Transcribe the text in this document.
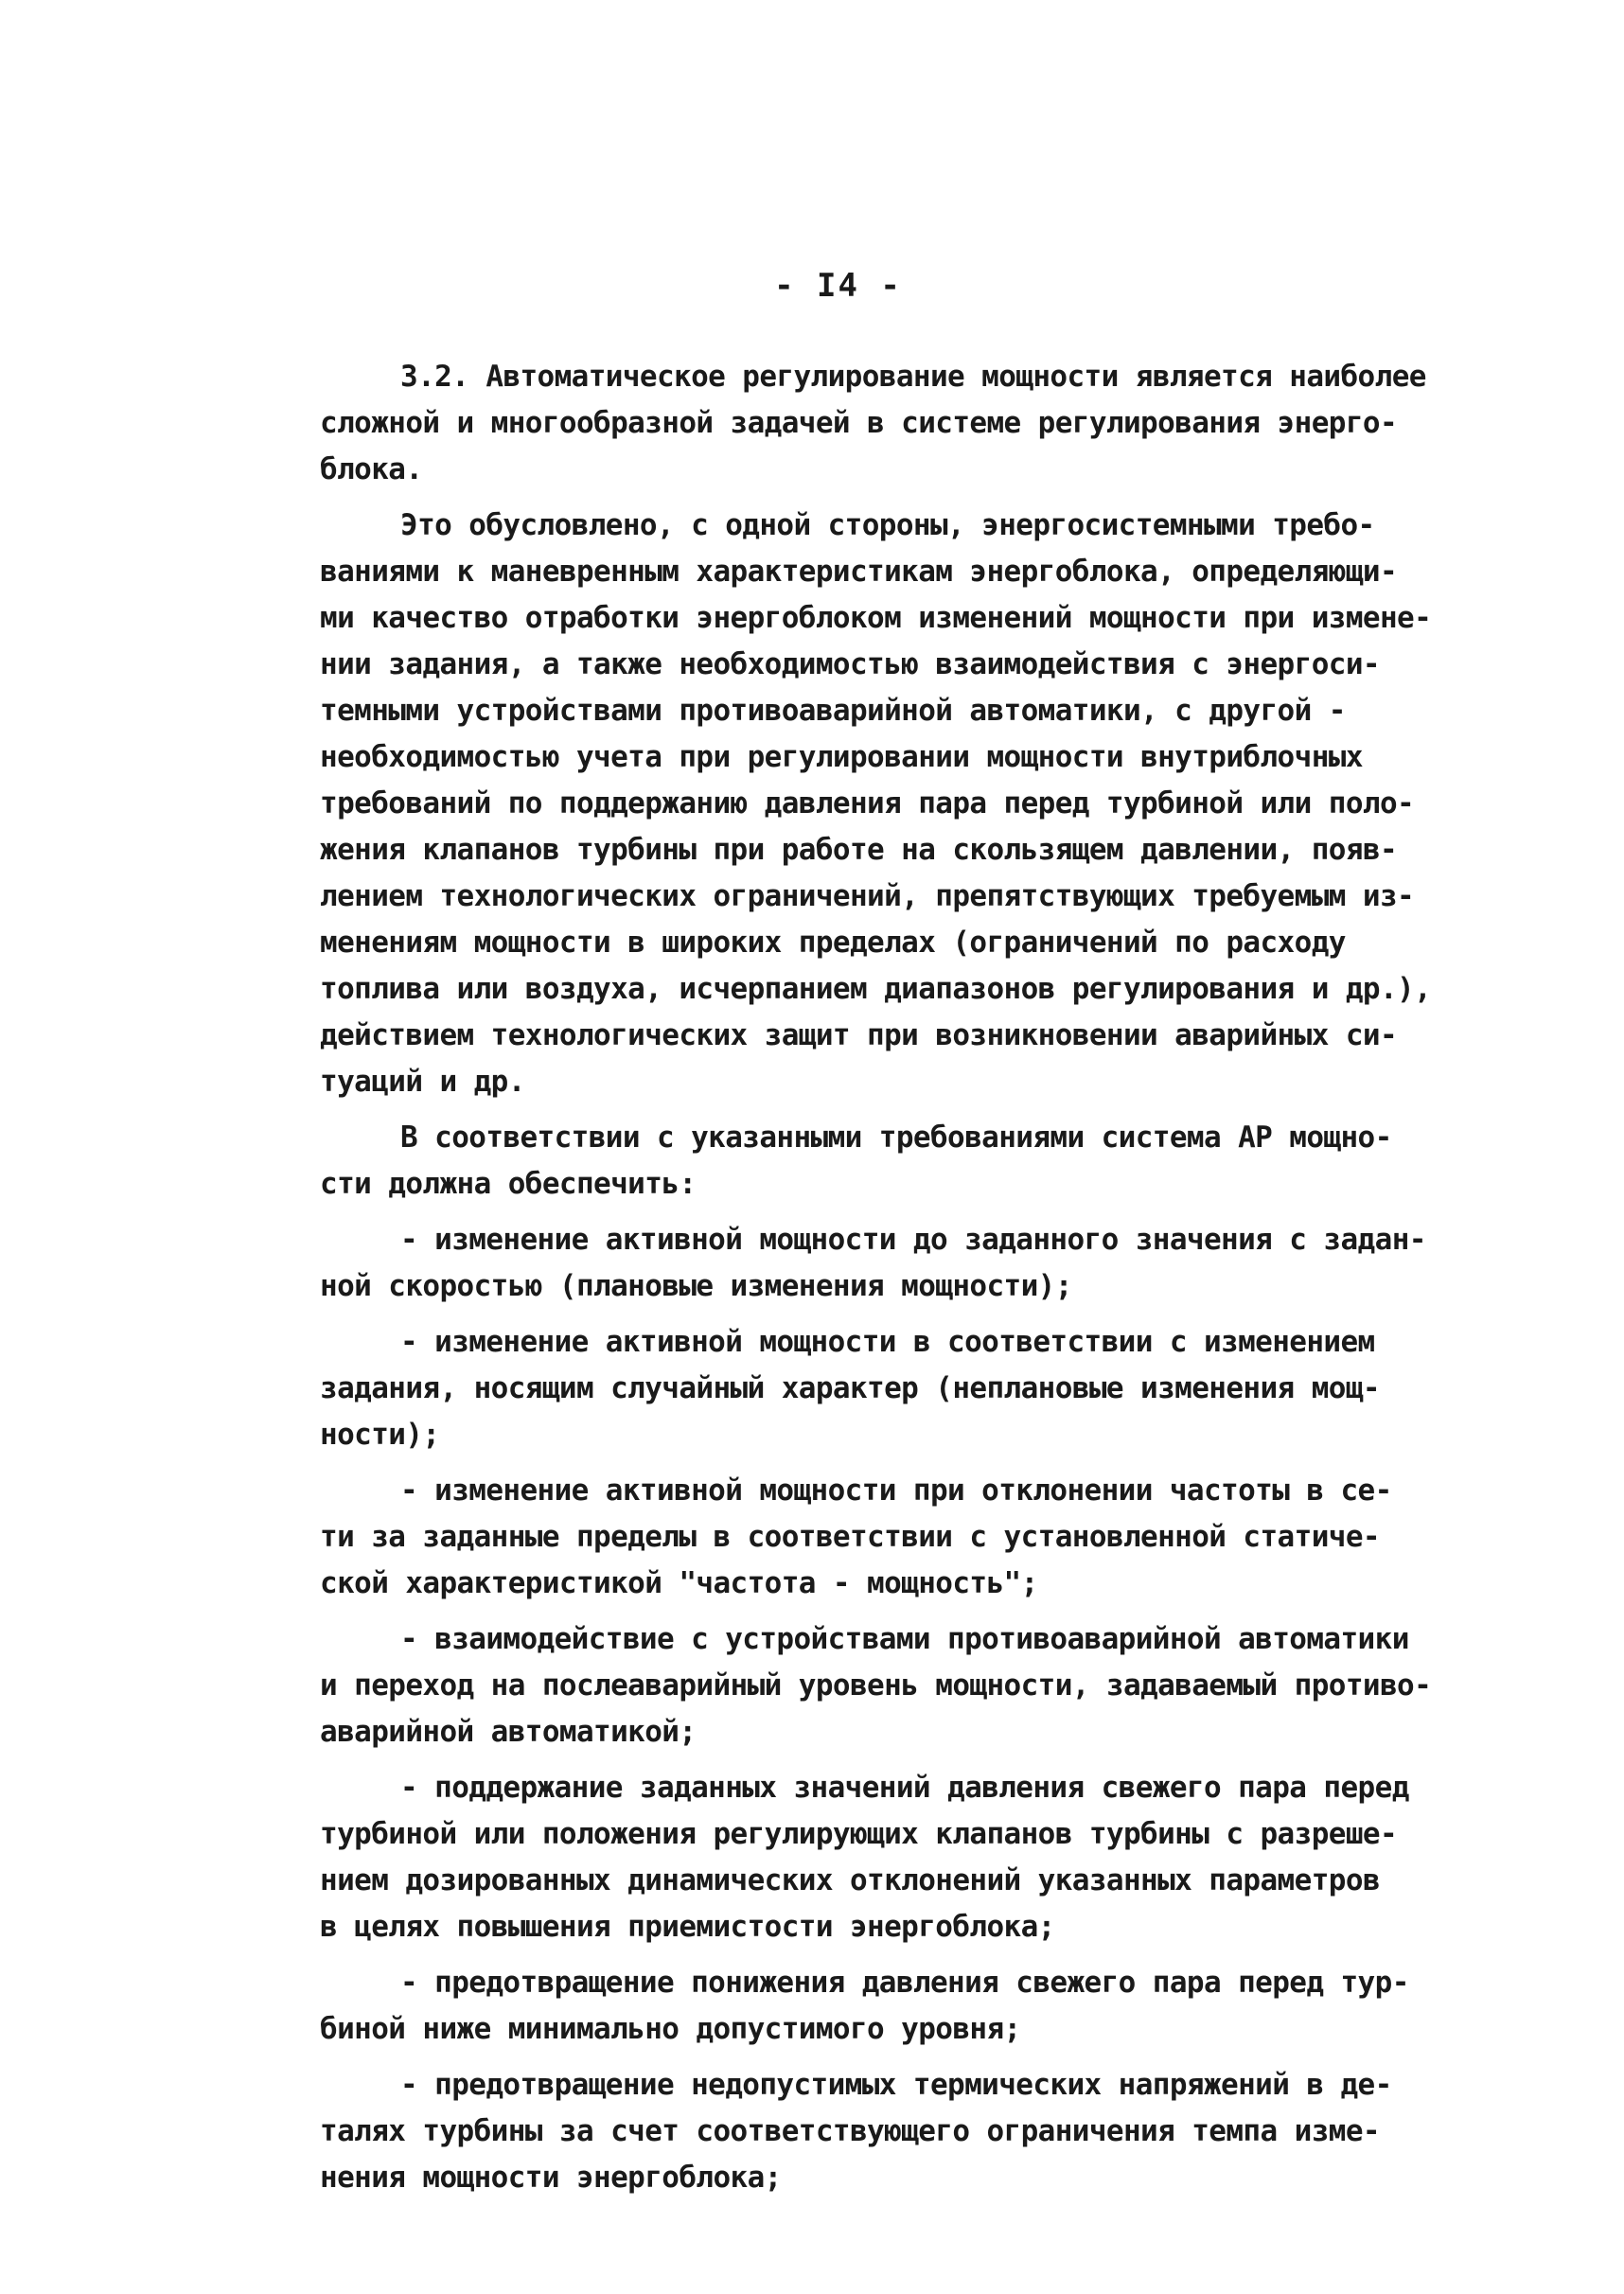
- I4 -
3.2. Автоматическое регулирование мощности является наиболее
сложной и многообразной задачей в системе регулирования энерго-
блока.
Это обусловлено, с одной стороны, энергосистемными требо-
ваниями к маневренным характеристикам энергоблока, определяющи-
ми качество отработки энергоблоком изменений мощности при измене-
нии задания, а также необходимостью взаимодействия с энергоси-
темными устройствами противоаварийной автоматики, с другой -
необходимостью учета при регулировании мощности внутриблочных
требований по поддержанию давления пара перед турбиной или поло-
жения клапанов турбины при работе на скользящем давлении, появ-
лением технологических ограничений, препятствующих требуемым из-
менениям мощности в широких пределах (ограничений по расходу
топлива или воздуха, исчерпанием диапазонов регулирования и др.),
действием технологических защит при возникновении аварийных си-
туаций и др.
В соответствии с указанными требованиями система АР мощно-
сти должна обеспечить:
- изменение активной мощности до заданного значения с задан-
ной скоростью (плановые изменения мощности);
- изменение активной мощности в соответствии с изменением
задания, носящим случайный характер (неплановые изменения мощ-
ности);
- изменение активной мощности при отклонении частоты в се-
ти за заданные пределы в соответствии с установленной статиче-
ской характеристикой "частота - мощность";
- взаимодействие с устройствами противоаварийной автоматики
и переход на послеаварийный уровень мощности, задаваемый противо-
аварийной автоматикой;
- поддержание заданных значений давления свежего пара перед
турбиной или положения регулирующих клапанов турбины с разреше-
нием дозированных динамических отклонений указанных параметров
в целях повышения приемистости энергоблока;
- предотвращение понижения давления свежего пара перед тур-
биной ниже минимально допустимого уровня;
- предотвращение недопустимых термических напряжений в де-
талях турбины за счет соответствующего ограничения темпа изме-
нения мощности энергоблока;
